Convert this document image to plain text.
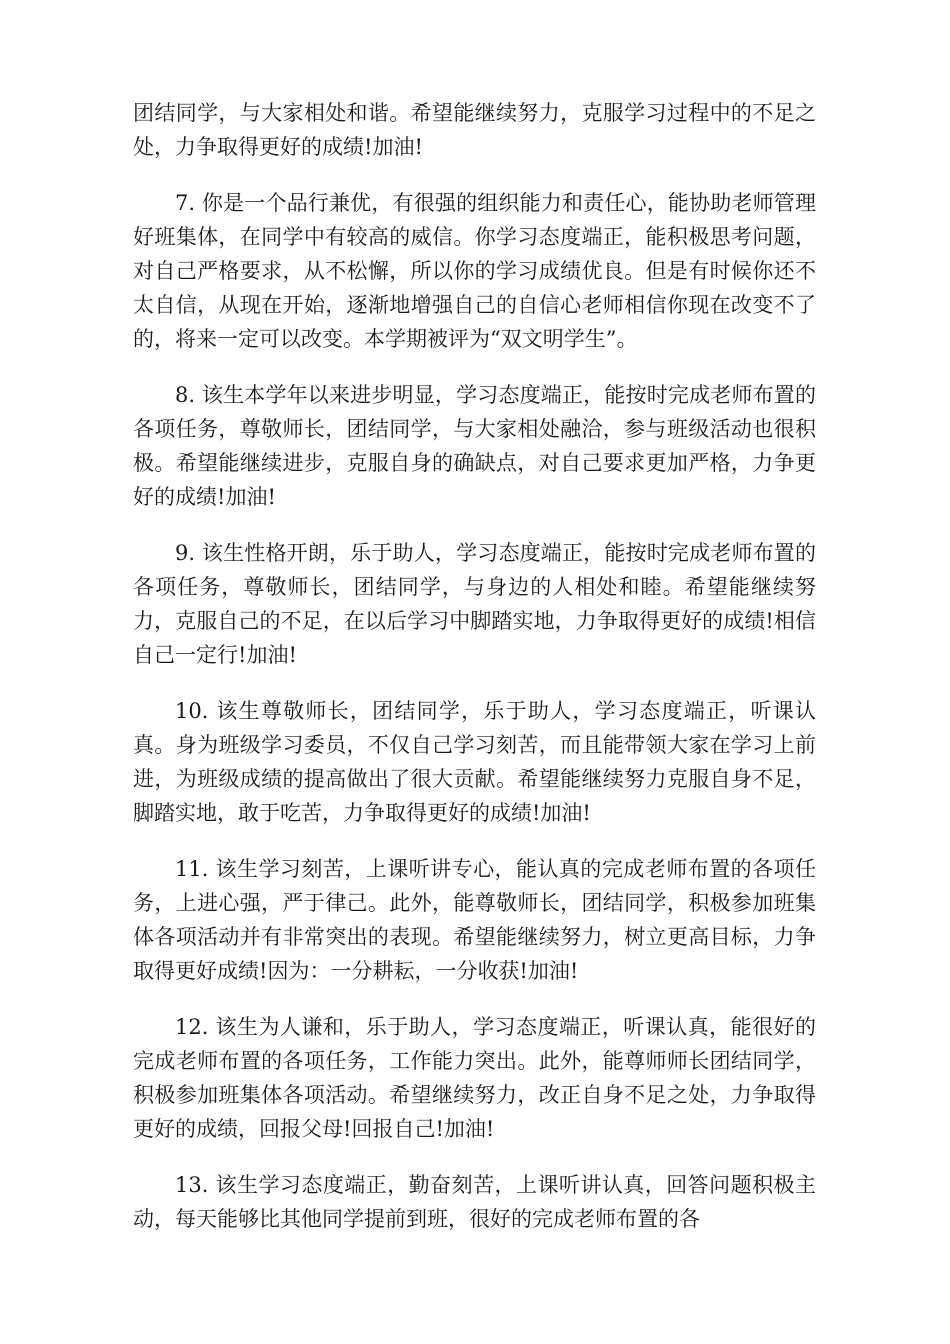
团结同学，与大家相处和谐。希望能继续努力，克服学习过程中的不足之处，力争取得更好的成绩!加油!

7. 你是一个品行兼优，有很强的组织能力和责任心，能协助老师管理好班集体，在同学中有较高的威信。你学习态度端正，能积极思考问题，对自己严格要求，从不松懈，所以你的学习成绩优良。但是有时候你还不太自信，从现在开始，逐渐地增强自己的自信心老师相信你现在改变不了的，将来一定可以改变。本学期被评为“双文明学生”。

8. 该生本学年以来进步明显，学习态度端正，能按时完成老师布置的各项任务，尊敬师长，团结同学，与大家相处融洽，参与班级活动也很积极。希望能继续进步，克服自身的确缺点，对自己要求更加严格，力争更好的成绩!加油!

9. 该生性格开朗，乐于助人，学习态度端正，能按时完成老师布置的各项任务，尊敬师长，团结同学，与身边的人相处和睦。希望能继续努力，克服自己的不足，在以后学习中脚踏实地，力争取得更好的成绩!相信自己一定行!加油!

10. 该生尊敬师长，团结同学，乐于助人，学习态度端正，听课认真。身为班级学习委员，不仅自己学习刻苦，而且能带领大家在学习上前进，为班级成绩的提高做出了很大贡献。希望能继续努力克服自身不足，脚踏实地，敢于吃苦，力争取得更好的成绩!加油!

11. 该生学习刻苦，上课听讲专心，能认真的完成老师布置的各项任务，上进心强，严于律己。此外，能尊敬师长，团结同学，积极参加班集体各项活动并有非常突出的表现。希望能继续努力，树立更高目标，力争取得更好成绩!因为：一分耕耘，一分收获!加油!

12. 该生为人谦和，乐于助人，学习态度端正，听课认真，能很好的完成老师布置的各项任务，工作能力突出。此外，能尊师师长团结同学，积极参加班集体各项活动。希望继续努力，改正自身不足之处，力争取得更好的成绩，回报父母!回报自己!加油!

13. 该生学习态度端正，勤奋刻苦，上课听讲认真，回答问题积极主动，每天能够比其他同学提前到班，很好的完成老师布置的各
